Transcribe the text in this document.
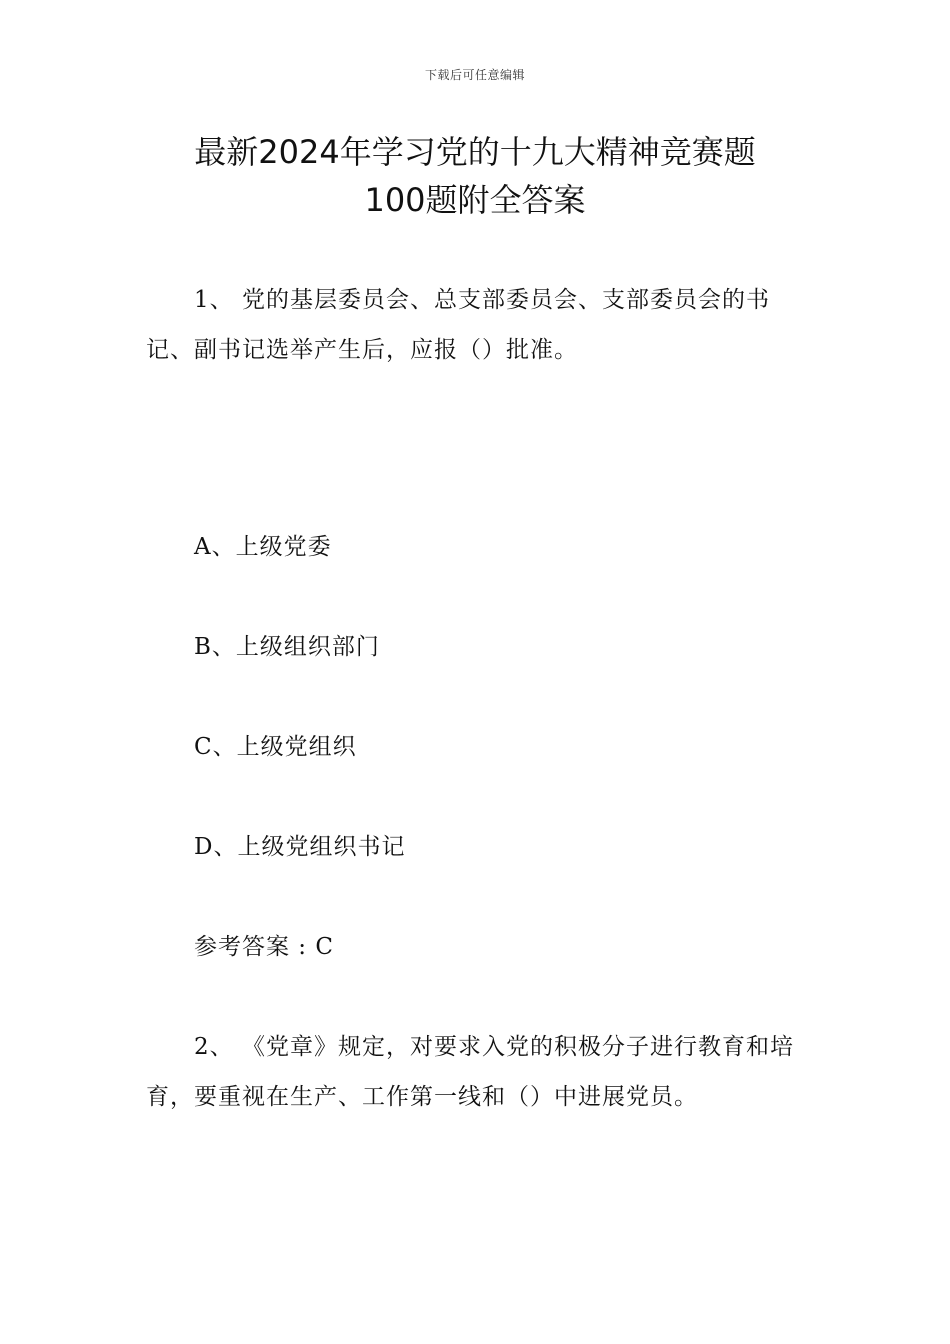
下载后可任意编辑
最新2024年学习党的十九大精神竞赛题
100题附全答案
1、 党的基层委员会、总支部委员会、支部委员会的书记、副书记选举产生后，应报（）批准。
A、上级党委
B、上级组织部门
C、上级党组织
D、上级党组织书记
参考答案 : C
2、 《党章》规定，对要求入党的积极分子进行教育和培育，要重视在生产、工作第一线和（）中进展党员。
